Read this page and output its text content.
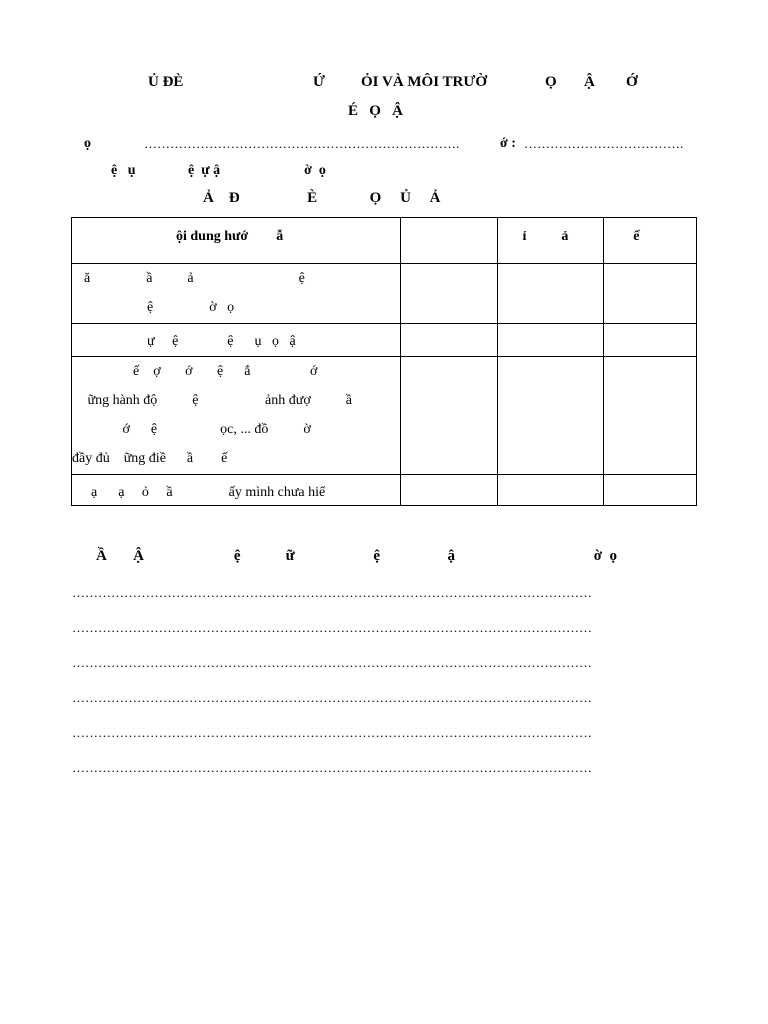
Ủ ĐÈ	Ứ ỎI VÀ MÔI TRƯỜ	Ọ Ậ Ớ
É   Ọ   Ậ
ọ	……………………………………………………………….	ớ : ……………………………….
ệ   ụ               ệ  ự ậ                        ờ  ọ
Ả    Đ                  È              Ọ     Ủ     Ả
ội dung hướ        ẫ		ỉ          ả	ế

ă                ầ          ả                              ệ
ệ                ờ   ọ			

ự     ệ              ệ      ụ   ọ   ậ			

ế    ợ       ớ       ệ      ắ                 ớ
ững hành độ          ệ                   ảnh đượ          ầ
ớ      ệ                  ọc, ... đồ          ờ
đầy đủ    ững điề      ầ        ế			

ạ      ạ     ỏ     ầ                ấy mình chưa hiể			

Ầ       Ậ                        ệ            ữ                     ệ                  ậ                                     ờ  ọ
…………………………………………………………………………………………………………
…………………………………………………………………………………………………………
…………………………………………………………………………………………………………
…………………………………………………………………………………………………………
…………………………………………………………………………………………………………
…………………………………………………………………………………………………………
